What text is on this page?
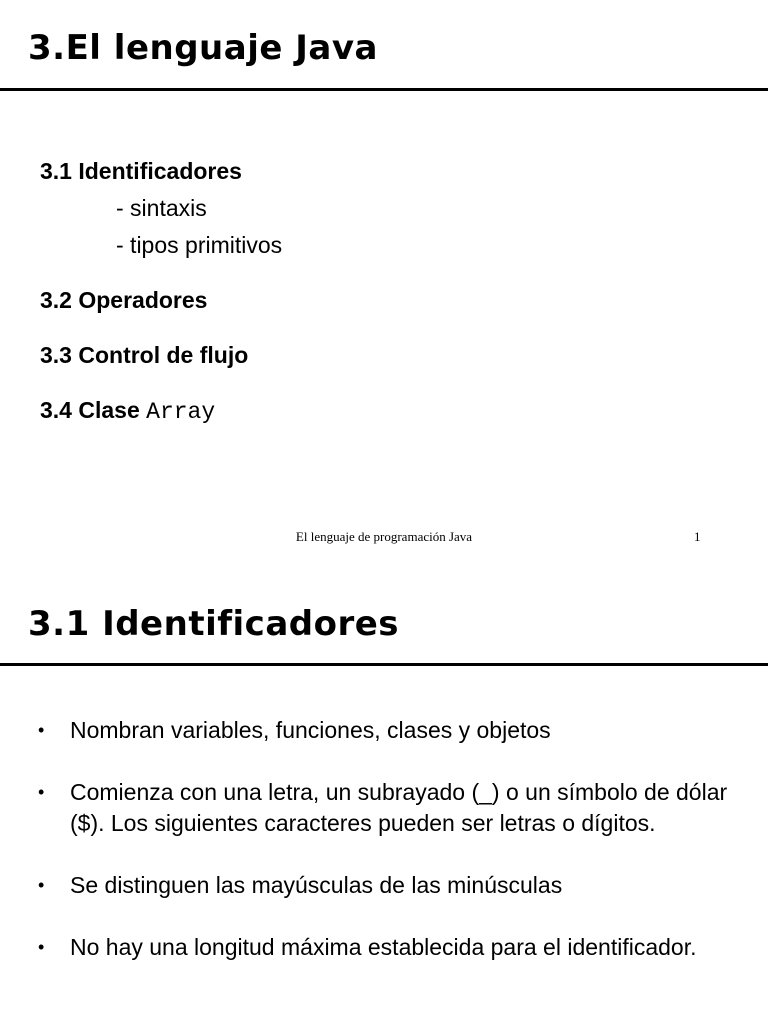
3.El lenguaje Java
3.1 Identificadores
- sintaxis
- tipos primitivos
3.2 Operadores
3.3 Control de flujo
3.4 Clase Array
El lenguaje de programación Java	1
3.1 Identificadores
• Nombran variables, funciones, clases y objetos
• Comienza con una letra, un subrayado (_) o un símbolo de dólar ($). Los siguientes caracteres pueden ser letras o dígitos.
• Se distinguen las mayúsculas de las minúsculas
• No hay una longitud máxima establecida para el identificador.
